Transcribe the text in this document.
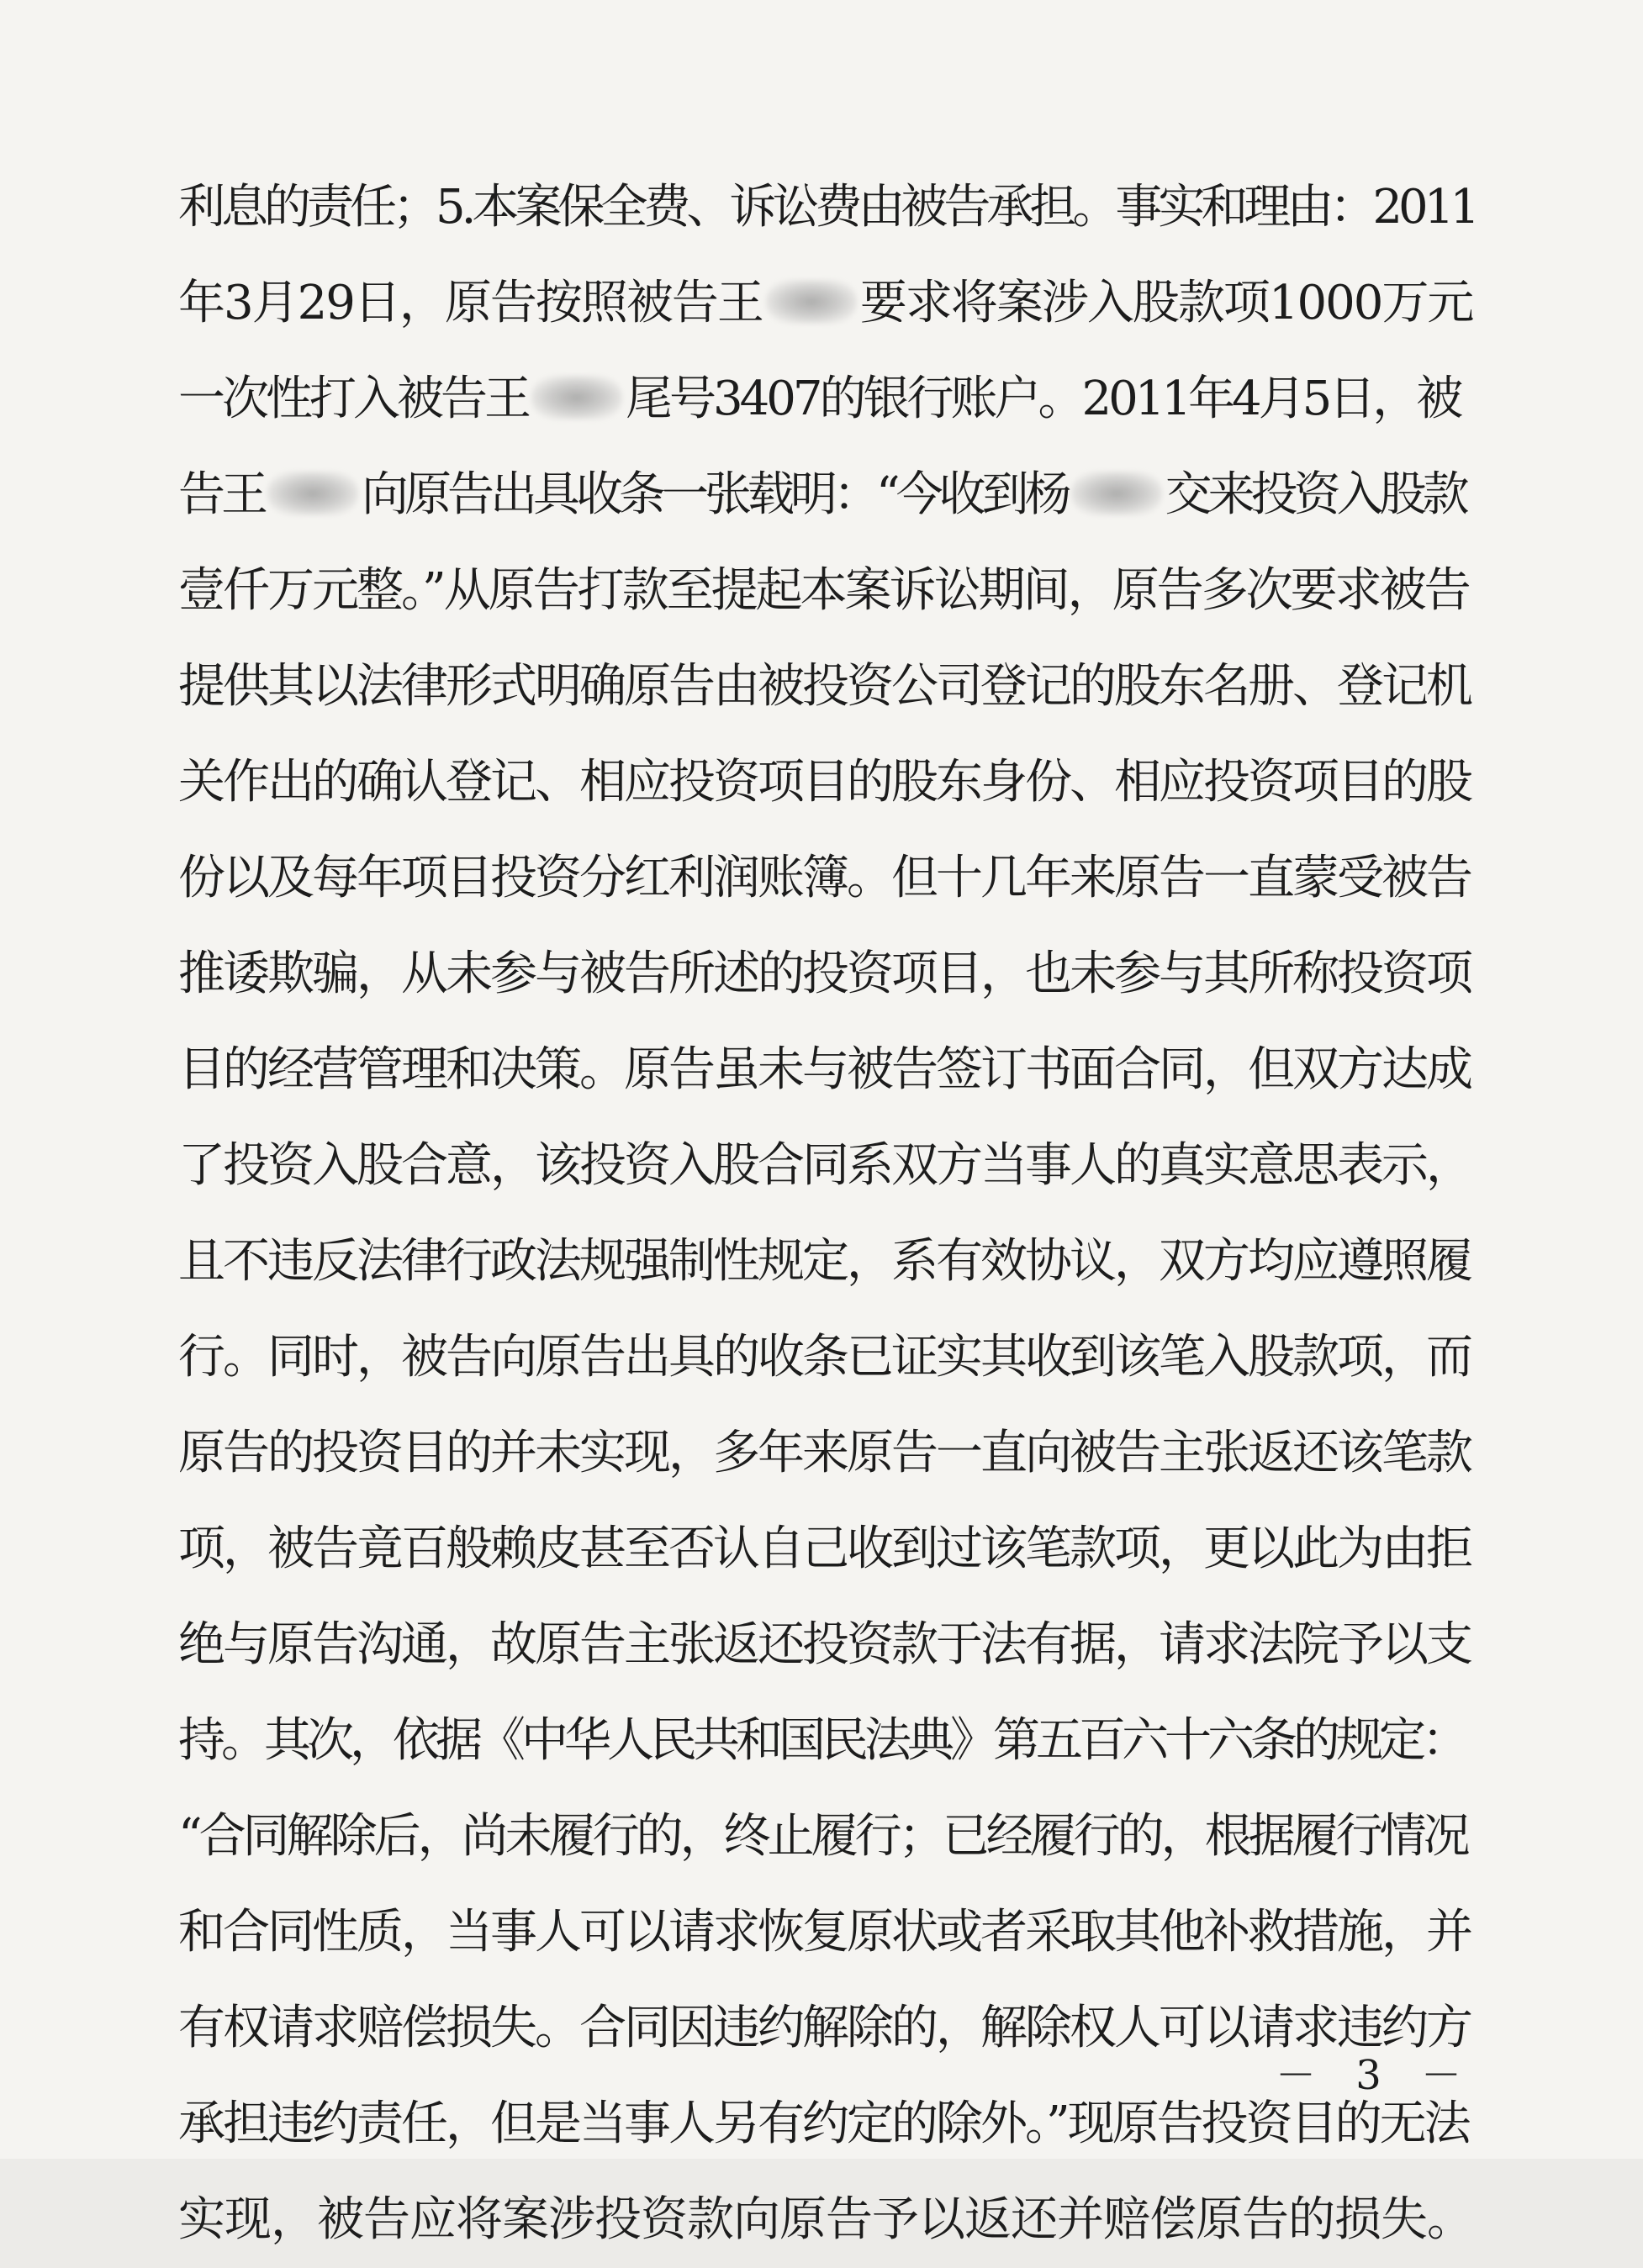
利息的责任；5.本案保全费、诉讼费由被告承担。事实和理由：2011
年3月29日，原告按照被告王 要求将案涉入股款项1000万元
一次性打入被告王 尾号3407的银行账户。2011年4月5日，被
告王 向原告出具收条一张载明：“今收到杨 交来投资入股款
壹仟万元整。”从原告打款至提起本案诉讼期间，原告多次要求被告
提供其以法律形式明确原告由被投资公司登记的股东名册、登记机
关作出的确认登记、相应投资项目的股东身份、相应投资项目的股
份以及每年项目投资分红利润账簿。但十几年来原告一直蒙受被告
推诿欺骗，从未参与被告所述的投资项目，也未参与其所称投资项
目的经营管理和决策。原告虽未与被告签订书面合同，但双方达成
了投资入股合意，该投资入股合同系双方当事人的真实意思表示，
且不违反法律行政法规强制性规定，系有效协议，双方均应遵照履
行。同时，被告向原告出具的收条已证实其收到该笔入股款项，而
原告的投资目的并未实现，多年来原告一直向被告主张返还该笔款
项，被告竟百般赖皮甚至否认自己收到过该笔款项，更以此为由拒
绝与原告沟通，故原告主张返还投资款于法有据，请求法院予以支
持。其次，依据《中华人民共和国民法典》第五百六十六条的规定：
“合同解除后，尚未履行的，终止履行；已经履行的，根据履行情况
和合同性质，当事人可以请求恢复原状或者采取其他补救措施，并
有权请求赔偿损失。合同因违约解除的，解除权人可以请求违约方
承担违约责任，但是当事人另有约定的除外。”现原告投资目的无法
实现，被告应将案涉投资款向原告予以返还并赔偿原告的损失。
－ 3 －
